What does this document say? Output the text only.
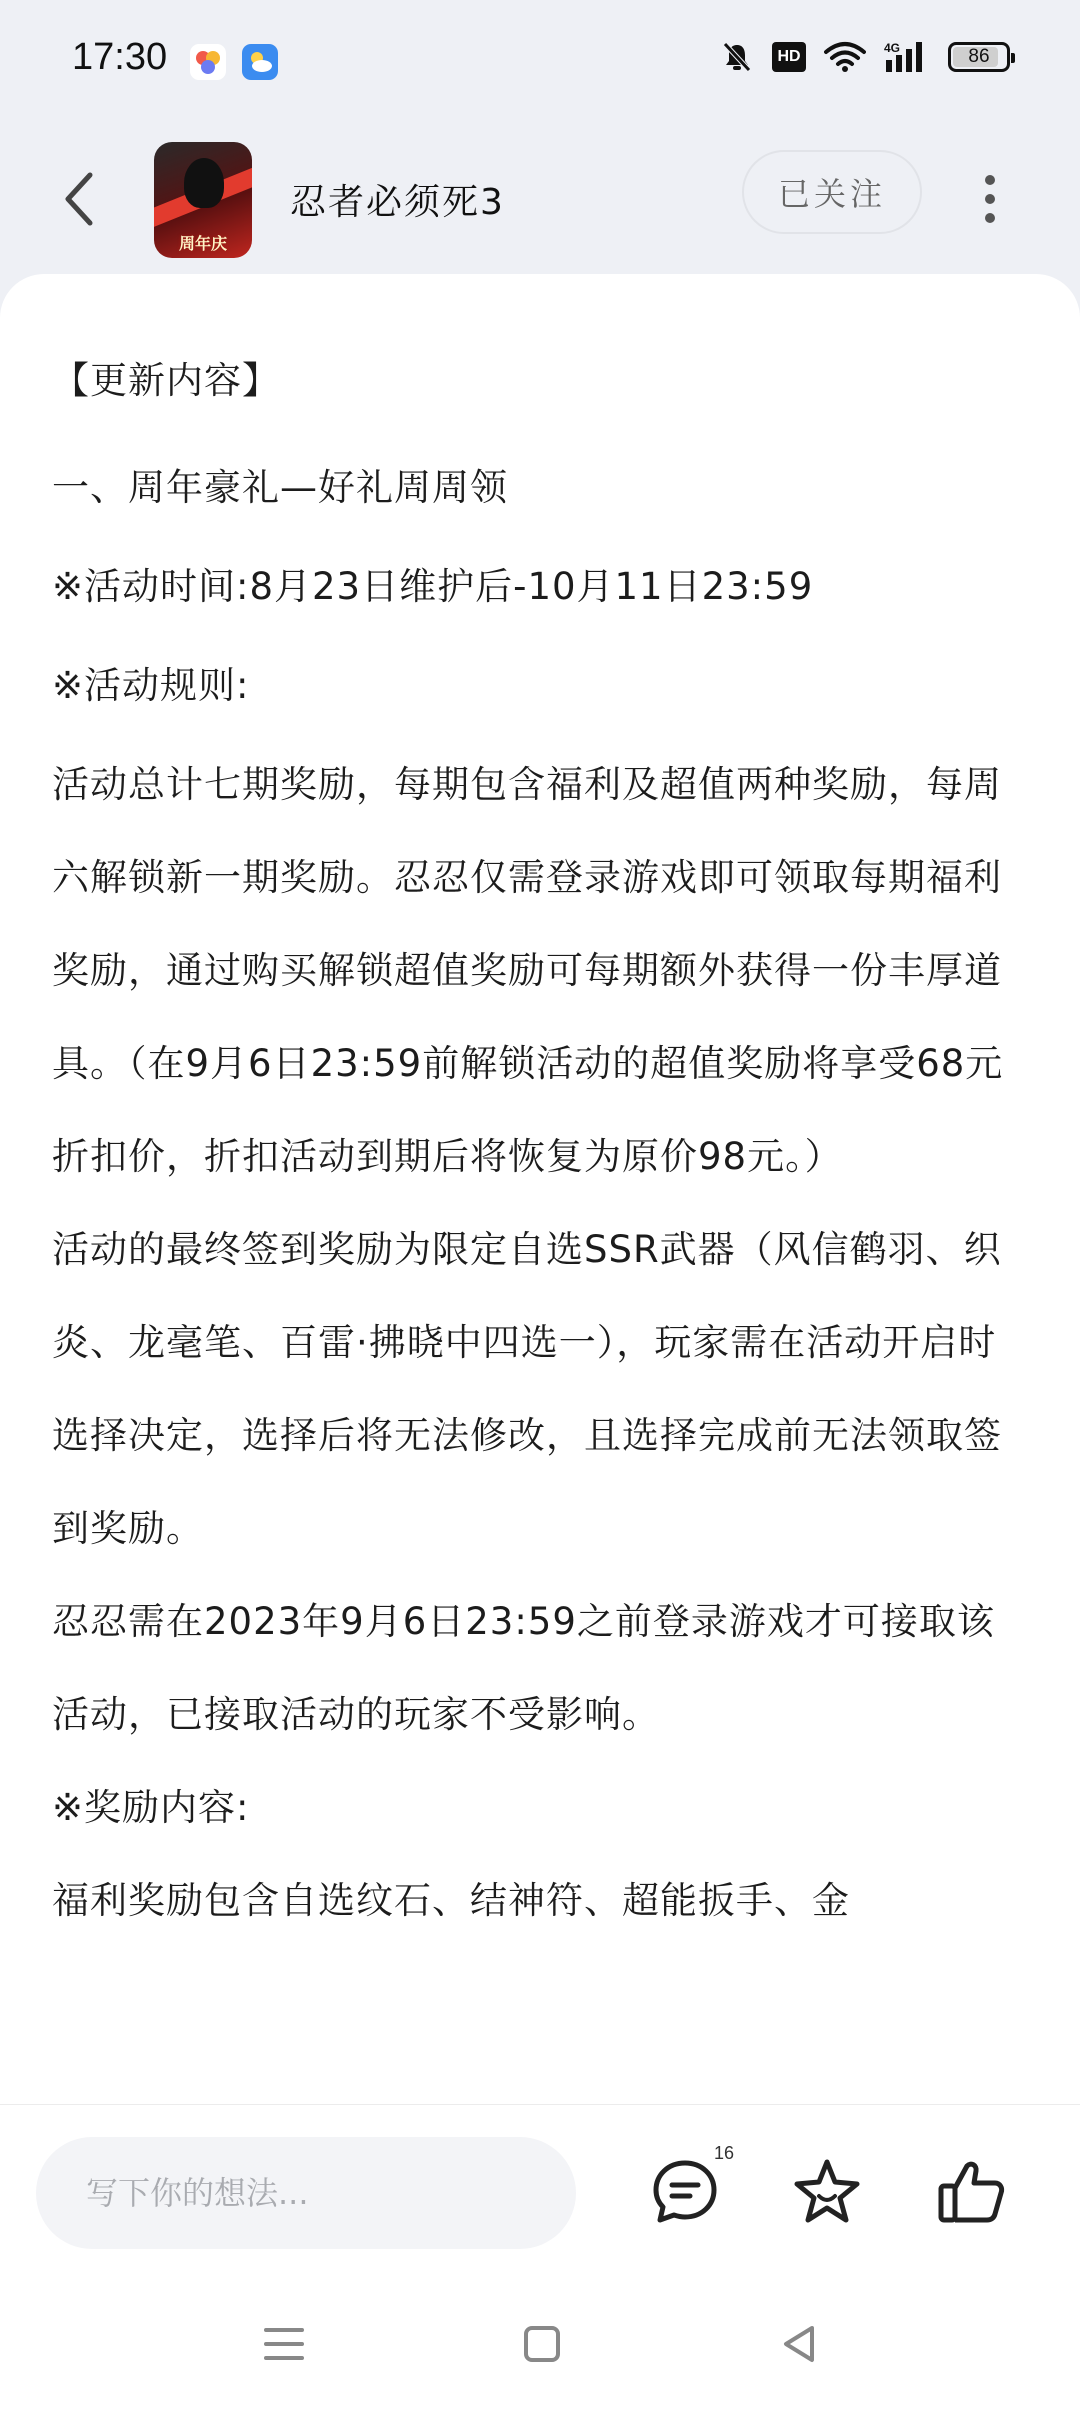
17:30	HD	4G	86
周年庆
忍者必须死3	已关注

【更新内容】

一、周年豪礼—好礼周周领

※活动时间:8月23日维护后-10月11日23:59

※活动规则:

活动总计七期奖励，每期包含福利及超值两种奖励，每周六解锁新一期奖励。忍忍仅需登录游戏即可领取每期福利奖励，通过购买解锁超值奖励可每期额外获得一份丰厚道具。（在9月6日23:59前解锁活动的超值奖励将享受68元折扣价，折扣活动到期后将恢复为原价98元。）

活动的最终签到奖励为限定自选SSR武器（风信鹤羽、织炎、龙毫笔、百雷·拂晓中四选一），玩家需在活动开启时选择决定，选择后将无法修改，且选择完成前无法领取签到奖励。

忍忍需在2023年9月6日23:59之前登录游戏才可接取该活动，已接取活动的玩家不受影响。

※奖励内容:

福利奖励包含自选纹石、结神符、超能扳手、金

写下你的想法...
16
